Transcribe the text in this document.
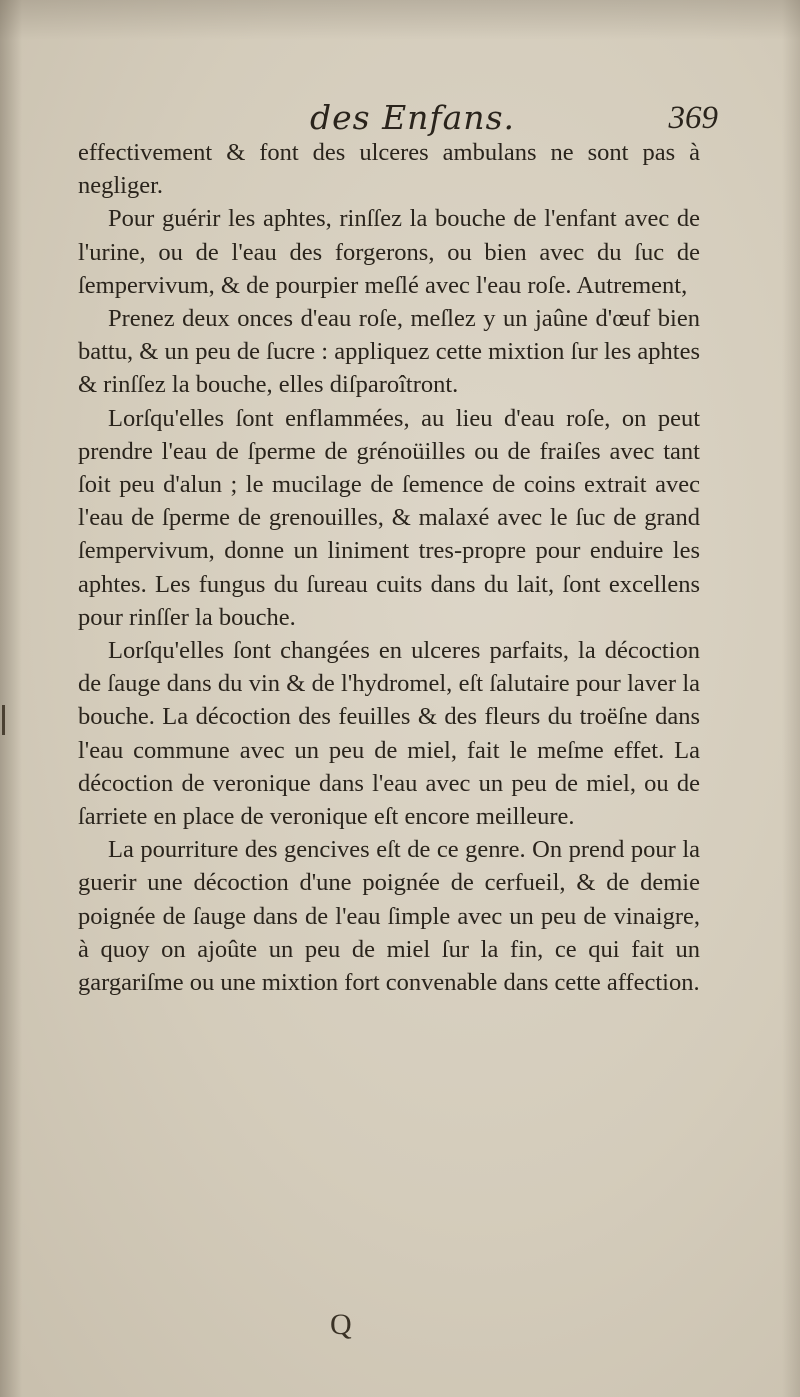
des Enfans.	369

effectivement & font des ulceres ambulans ne sont pas à negliger.

Pour guérir les aphtes, rinſſez la bouche de l'enfant avec de l'urine, ou de l'eau des forgerons, ou bien avec du ſuc de ſempervivum, & de pourpier meſlé avec l'eau roſe. Autrement,

Prenez deux onces d'eau roſe, meſlez y un jaûne d'œuf bien battu, & un peu de ſucre : appliquez cette mixtion ſur les aphtes & rinſſez la bouche, elles diſparoîtront.

Lorſqu'elles ſont enflammées, au lieu d'eau roſe, on peut prendre l'eau de ſperme de grénoüilles ou de fraiſes avec tant ſoit peu d'alun ; le mucilage de ſemence de coins extrait avec l'eau de ſperme de grenouilles, & malaxé avec le ſuc de grand ſempervivum, donne un liniment tres-propre pour enduire les aphtes. Les fungus du ſureau cuits dans du lait, ſont excellens pour rinſſer la bouche.

Lorſqu'elles ſont changées en ulceres parfaits, la décoction de ſauge dans du vin & de l'hydromel, eſt ſalutaire pour laver la bouche. La décoction des feuilles & des fleurs du troëſne dans l'eau commune avec un peu de miel, fait le meſme effet. La décoction de veronique dans l'eau avec un peu de miel, ou de ſarriete en place de veronique eſt encore meilleure.

La pourriture des gencives eſt de ce genre. On prend pour la guerir une décoction d'une poignée de cerfueil, & de demie poignée de ſauge dans de l'eau ſimple avec un peu de vinaigre, à quoy on ajoûte un peu de miel ſur la fin, ce qui fait un gargariſme ou une mixtion fort convenable dans cette affection.

Q
